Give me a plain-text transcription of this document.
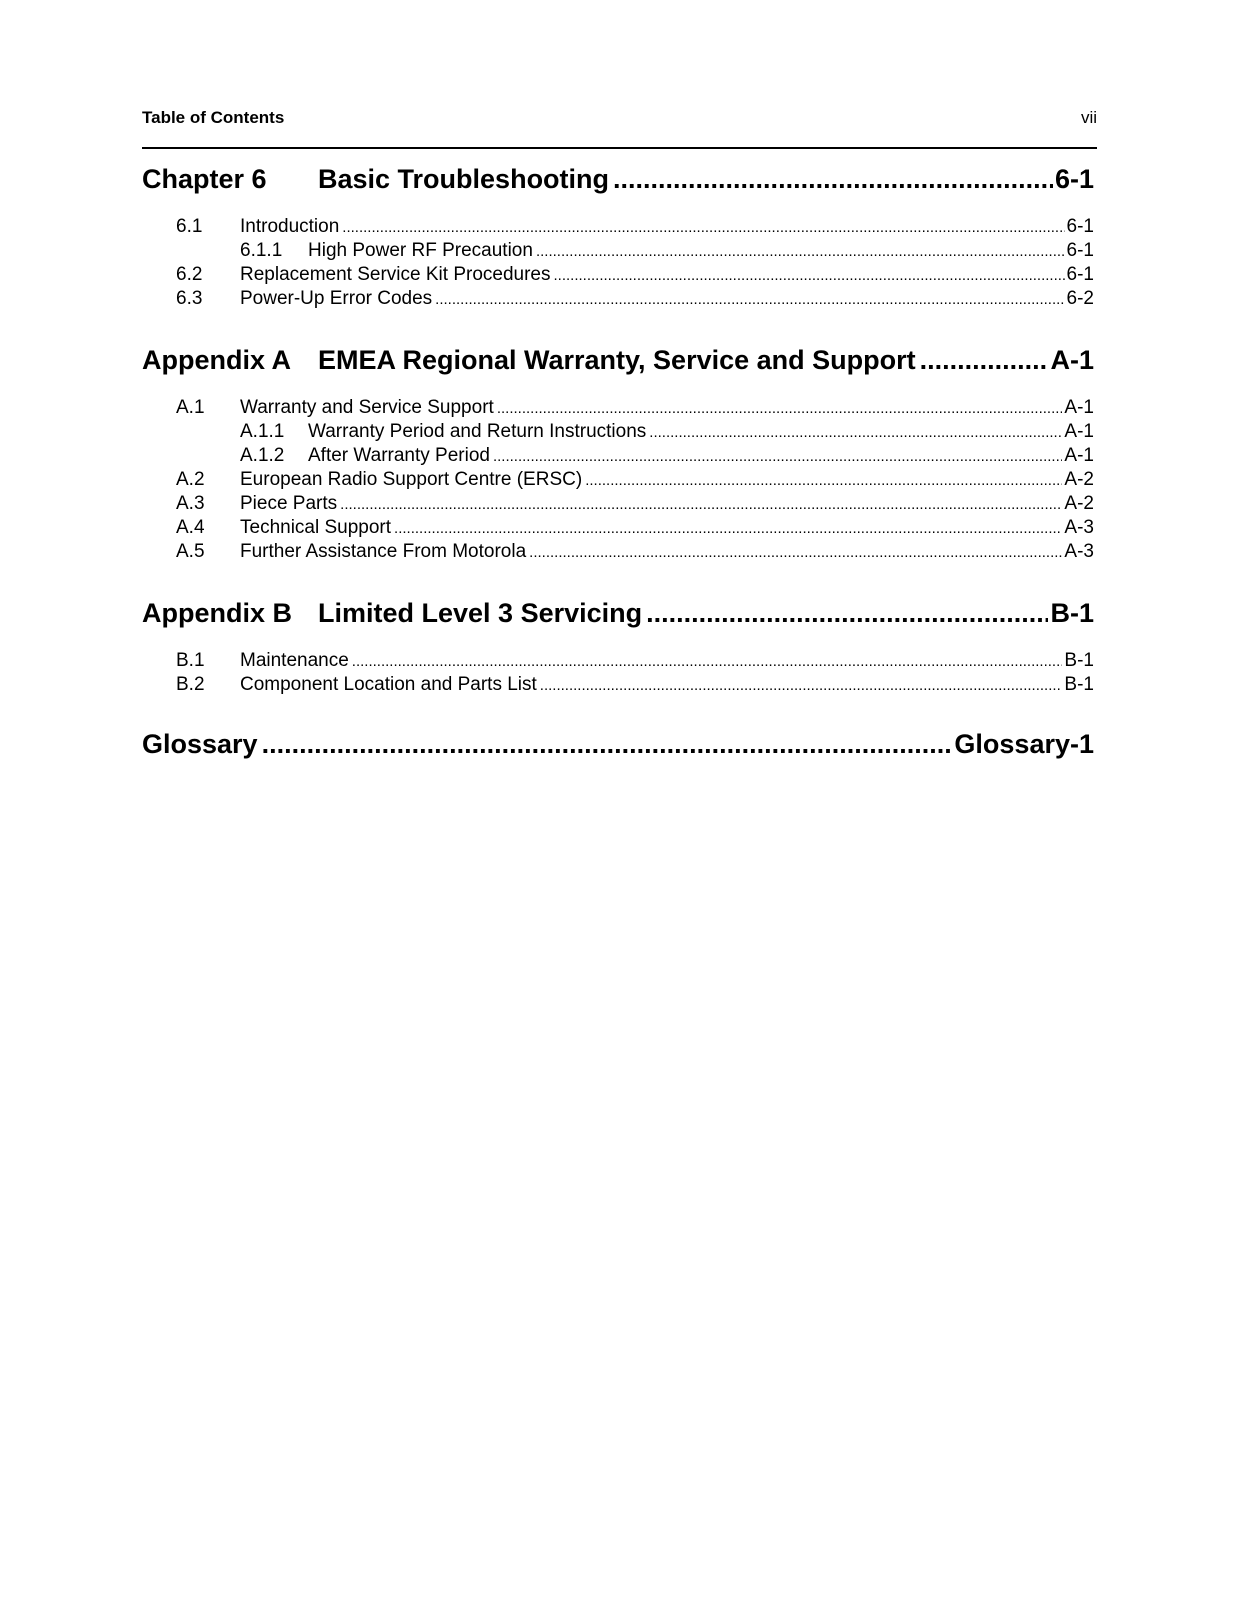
Table of Contents	vii
Chapter 6	Basic Troubleshooting .....	6-1
6.1	Introduction .....	6-1
6.1.1	High Power RF Precaution .....	6-1
6.2	Replacement Service Kit Procedures .....	6-1
6.3	Power-Up Error Codes .....	6-2
Appendix A EMEA Regional Warranty, Service and Support .....	A-1
A.1	Warranty and Service Support .....	A-1
A.1.1	Warranty Period and Return Instructions .....	A-1
A.1.2	After Warranty Period .....	A-1
A.2	European Radio Support Centre (ERSC) .....	A-2
A.3	Piece Parts .....	A-2
A.4	Technical Support .....	A-3
A.5	Further Assistance From Motorola .....	A-3
Appendix B Limited Level 3 Servicing .....	B-1
B.1	Maintenance .....	B-1
B.2	Component Location and Parts List .....	B-1
Glossary .....	Glossary-1
